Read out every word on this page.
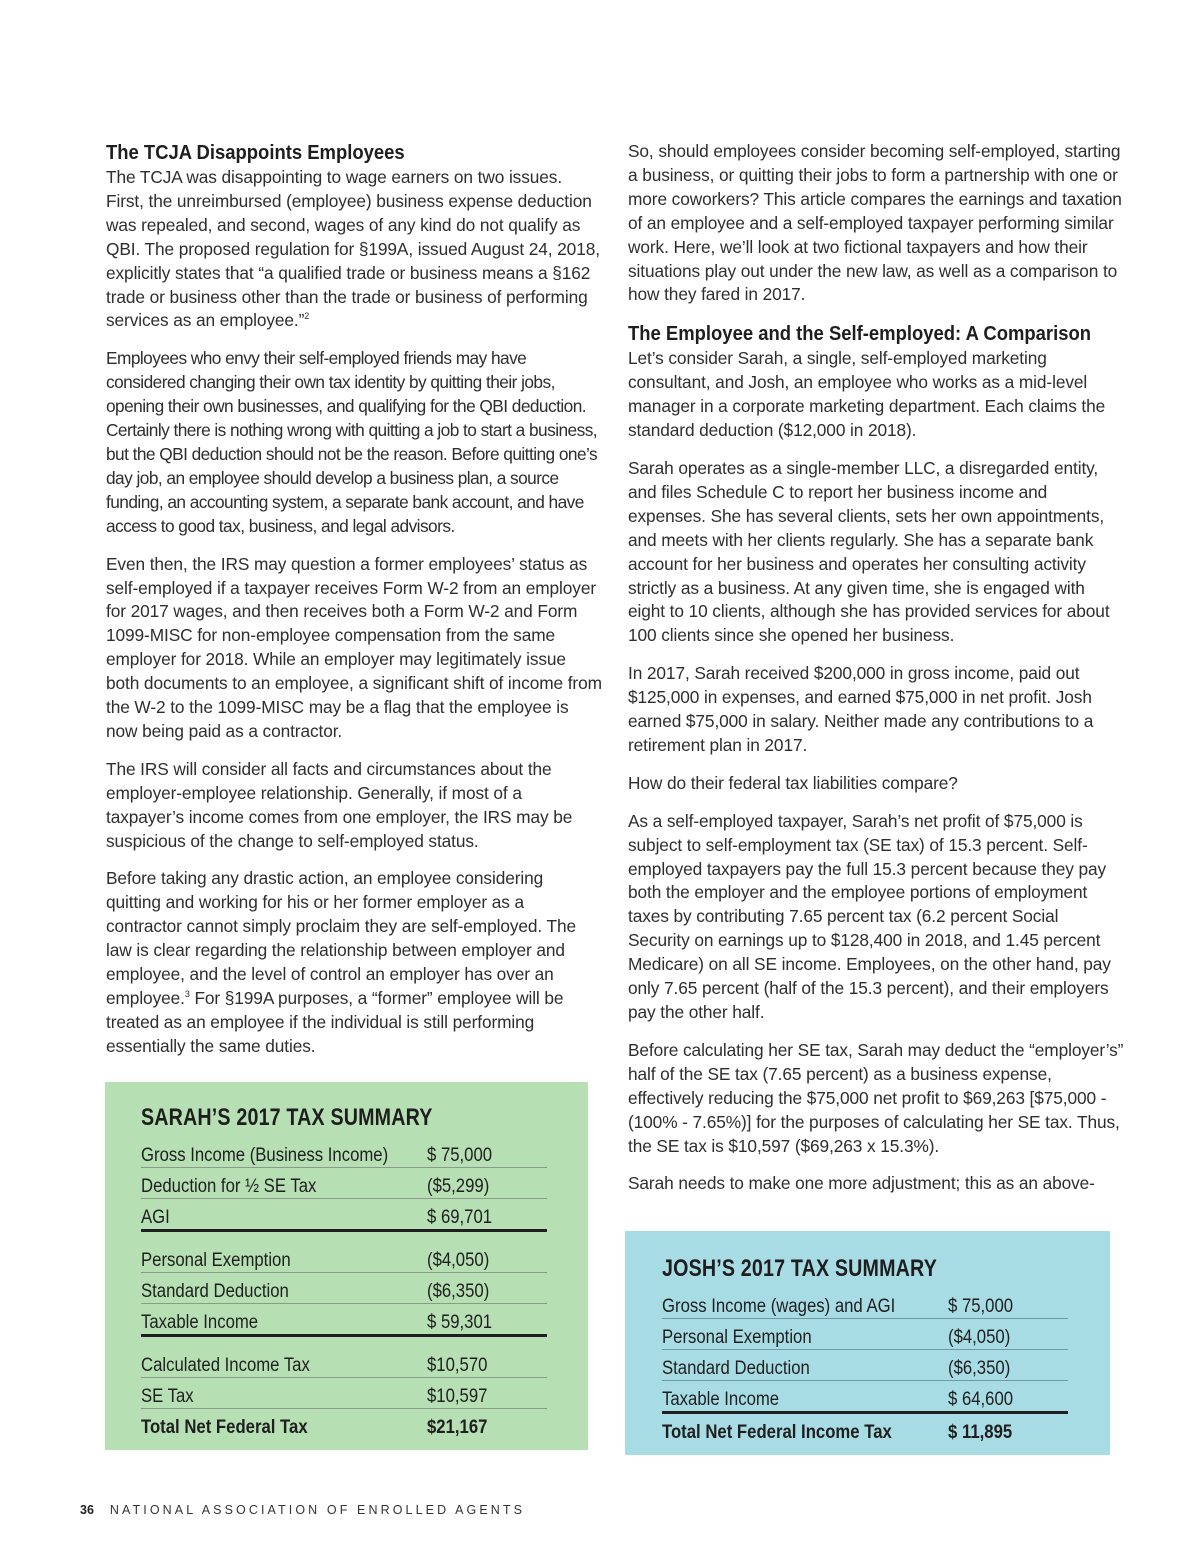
The TCJA Disappoints Employees

The TCJA was disappointing to wage earners on two issues. First, the unreimbursed (employee) business expense deduction was repealed, and second, wages of any kind do not qualify as QBI. The proposed regulation for §199A, issued August 24, 2018, explicitly states that “a qualified trade or business means a §162 trade or business other than the trade or business of performing services as an employee.”$^2$

Employees who envy their self-employed friends may have considered changing their own tax identity by quitting their jobs, opening their own businesses, and qualifying for the QBI deduction. Certainly there is nothing wrong with quitting a job to start a business, but the QBI deduction should not be the reason. Before quitting one’s day job, an employee should develop a business plan, a source funding, an accounting system, a separate bank account, and have access to good tax, business, and legal advisors.

Even then, the IRS may question a former employees’ status as self-employed if a taxpayer receives Form W-2 from an employer for 2017 wages, and then receives both a Form W-2 and Form 1099-MISC for non-employee compensation from the same employer for 2018. While an employer may legitimately issue both documents to an employee, a significant shift of income from the W-2 to the 1099-MISC may be a flag that the employee is now being paid as a contractor.

The IRS will consider all facts and circumstances about the employer-employee relationship. Generally, if most of a taxpayer’s income comes from one employer, the IRS may be suspicious of the change to self-employed status.

Before taking any drastic action, an employee considering quitting and working for his or her former employer as a contractor cannot simply proclaim they are self-employed. The law is clear regarding the relationship between employer and employee, and the level of control an employer has over an employee.$^3$ For §199A purposes, a “former” employee will be treated as an employee if the individual is still performing essentially the same duties.

So, should employees consider becoming self-employed, starting a business, or quitting their jobs to form a partnership with one or more coworkers? This article compares the earnings and taxation of an employee and a self-employed taxpayer performing similar work. Here, we’ll look at two fictional taxpayers and how their situations play out under the new law, as well as a comparison to how they fared in 2017.

The Employee and the Self-employed: A Comparison

Let’s consider Sarah, a single, self-employed marketing consultant, and Josh, an employee who works as a mid-level manager in a corporate marketing department. Each claims the standard deduction ($12,000 in 2018).

Sarah operates as a single-member LLC, a disregarded entity, and files Schedule C to report her business income and expenses. She has several clients, sets her own appointments, and meets with her clients regularly. She has a separate bank account for her business and operates her consulting activity strictly as a business. At any given time, she is engaged with eight to 10 clients, although she has provided services for about 100 clients since she opened her business.

In 2017, Sarah received $200,000 in gross income, paid out $125,000 in expenses, and earned $75,000 in net profit. Josh earned $75,000 in salary. Neither made any contributions to a retirement plan in 2017.

How do their federal tax liabilities compare?

As a self-employed taxpayer, Sarah’s net profit of $75,000 is subject to self-employment tax (SE tax) of 15.3 percent. Self-employed taxpayers pay the full 15.3 percent because they pay both the employer and the employee portions of employment taxes by contributing 7.65 percent tax (6.2 percent Social Security on earnings up to $128,400 in 2018, and 1.45 percent Medicare) on all SE income. Employees, on the other hand, pay only 7.65 percent (half of the 15.3 percent), and their employers pay the other half.

Before calculating her SE tax, Sarah may deduct the “employer’s” half of the SE tax (7.65 percent) as a business expense, effectively reducing the $75,000 net profit to $69,263 [$75,000 - (100% - 7.65%)] for the purposes of calculating her SE tax. Thus, the SE tax is $10,597 ($69,263 x 15.3%).

Sarah needs to make one more adjustment; this as an above-

SARAH’S 2017 TAX SUMMARY
Gross Income (Business Income)	$ 75,000
Deduction for ½ SE Tax	($5,299)
AGI	$ 69,701

Personal Exemption	($4,050)
Standard Deduction	($6,350)
Taxable Income	$ 59,301

Calculated Income Tax	$10,570
SE Tax	$10,597
Total Net Federal Tax	$21,167
JOSH’S 2017 TAX SUMMARY
Gross Income (wages) and AGI	$ 75,000
Personal Exemption	($4,050)
Standard Deduction	($6,350)
Taxable Income	$ 64,600
Total Net Federal Income Tax	$ 11,895
36 NATIONAL ASSOCIATION OF ENROLLED AGENTS
